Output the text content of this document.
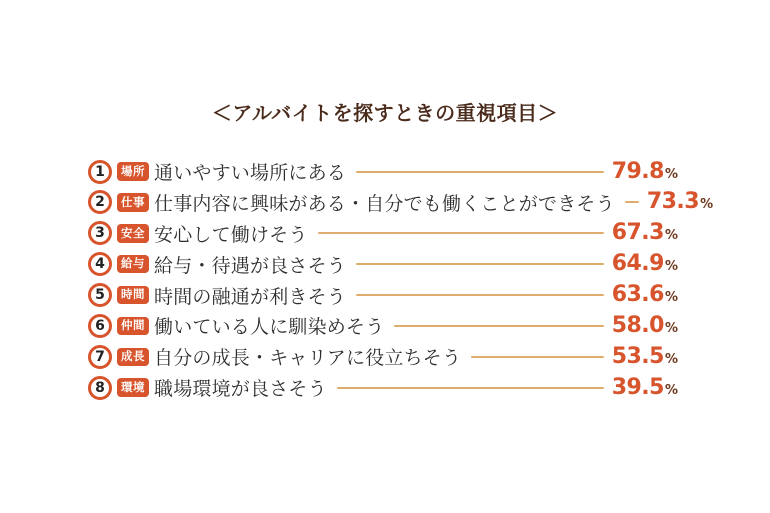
＜アルバイトを探すときの重視項目＞
1	場所 通いやすい場所にある	79.8%
2	仕事 仕事内容に興味がある・自分でも働くことができそう 73.3%
3	安全 安心して働けそう	67.3%
4	給与 給与・待遇が良さそう	64.9%
5	時間 時間の融通が利きそう	63.6%
6	仲間 働いている人に馴染めそう	58.0%
7	成長 自分の成長・キャリアに役立ちそう	53.5%
8	環境 職場環境が良さそう	39.5%
